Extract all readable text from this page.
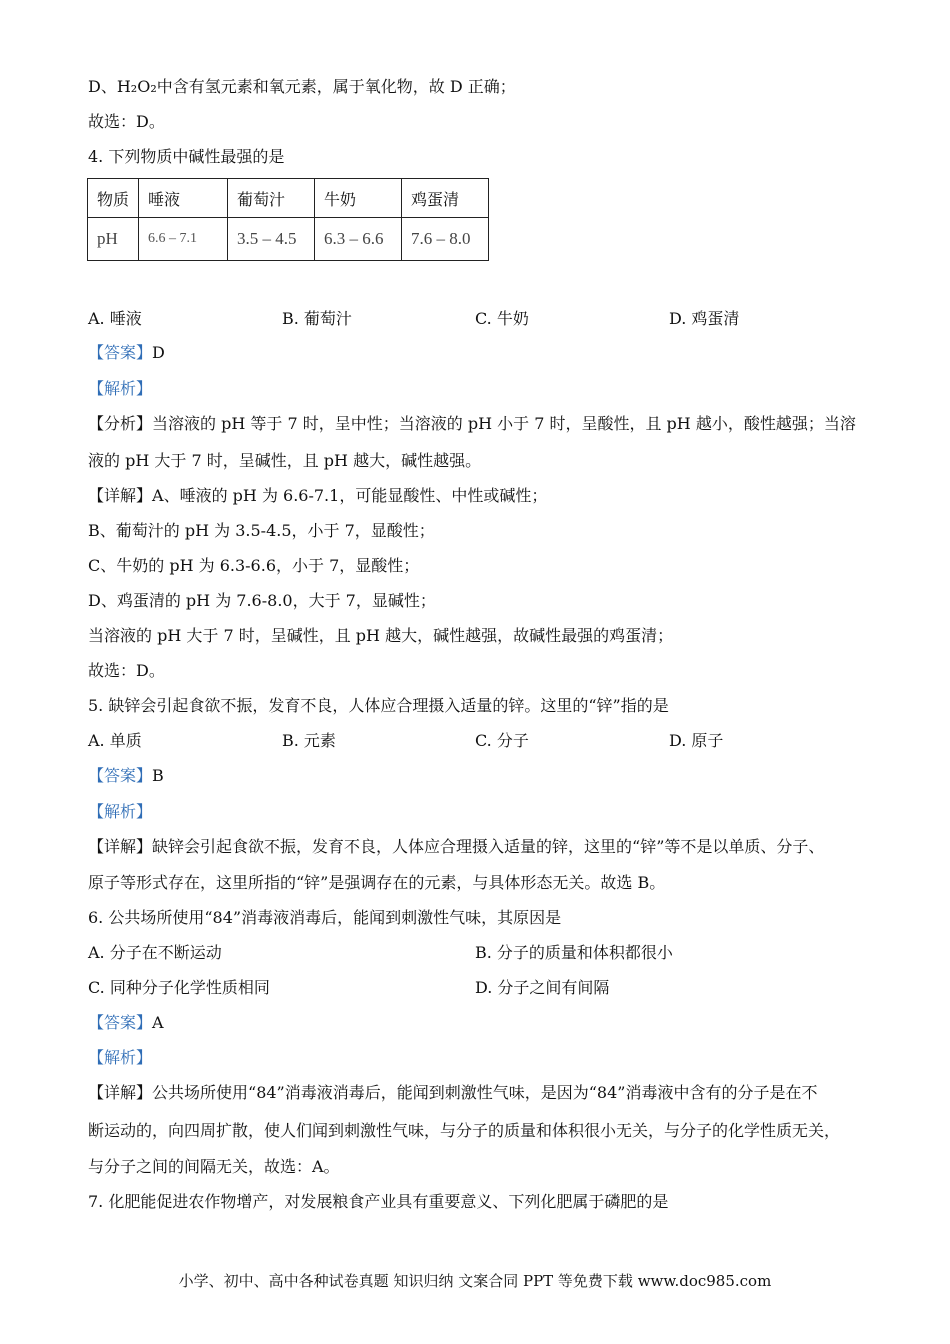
D、H₂O₂中含有氢元素和氧元素，属于氧化物，故 D 正确；
故选：D。
4. 下列物质中碱性最强的是
物质	唾液	葡萄汁	牛奶	鸡蛋清
pH	6.6 – 7.1	3.5 – 4.5	6.3 – 6.6	7.6 – 8.0
A. 唾液	B. 葡萄汁	C. 牛奶	D. 鸡蛋清
【答案】D
【解析】
【分析】当溶液的 pH 等于 7 时，呈中性；当溶液的 pH 小于 7 时，呈酸性，且 pH 越小，酸性越强；当溶
液的 pH 大于 7 时，呈碱性，且 pH 越大，碱性越强。
【详解】A、唾液的 pH 为 6.6-7.1，可能显酸性、中性或碱性；
B、葡萄汁的 pH 为 3.5-4.5，小于 7，显酸性；
C、牛奶的 pH 为 6.3-6.6，小于 7，显酸性；
D、鸡蛋清的 pH 为 7.6-8.0，大于 7，显碱性；
当溶液的 pH 大于 7 时，呈碱性，且 pH 越大，碱性越强，故碱性最强的鸡蛋清；
故选：D。
5. 缺锌会引起食欲不振，发育不良，人体应合理摄入适量的锌。这里的“锌”指的是
A. 单质	B. 元素	C. 分子	D. 原子
【答案】B
【解析】
【详解】缺锌会引起食欲不振，发育不良，人体应合理摄入适量的锌，这里的“锌”等不是以单质、分子、
原子等形式存在，这里所指的“锌”是强调存在的元素，与具体形态无关。故选 B。
6. 公共场所使用“84”消毒液消毒后，能闻到刺激性气味，其原因是
A. 分子在不断运动	B. 分子的质量和体积都很小
C. 同种分子化学性质相同	D. 分子之间有间隔
【答案】A
【解析】
【详解】公共场所使用“84”消毒液消毒后，能闻到刺激性气味，是因为“84”消毒液中含有的分子是在不
断运动的，向四周扩散，使人们闻到刺激性气味，与分子的质量和体积很小无关，与分子的化学性质无关，
与分子之间的间隔无关，故选：A。
7. 化肥能促进农作物增产，对发展粮食产业具有重要意义、下列化肥属于磷肥的是
小学、初中、高中各种试卷真题 知识归纳 文案合同 PPT 等免费下载 www.doc985.com
